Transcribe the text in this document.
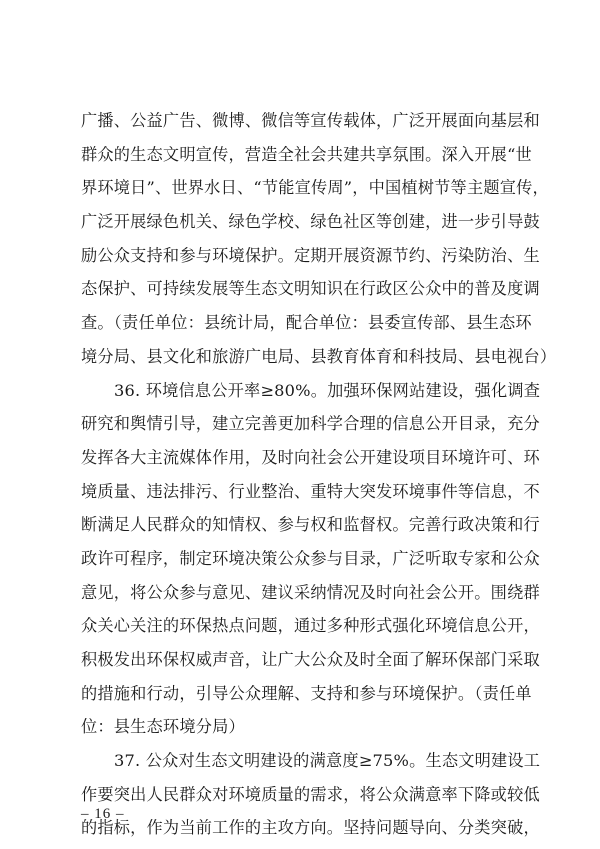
广播、公益广告、微博、微信等宣传载体，广泛开展面向基层和
群众的生态文明宣传，营造全社会共建共享氛围。深入开展“世
界环境日”、世界水日、“节能宣传周”，中国植树节等主题宣传，
广泛开展绿色机关、绿色学校、绿色社区等创建，进一步引导鼓
励公众支持和参与环境保护。定期开展资源节约、污染防治、生
态保护、可持续发展等生态文明知识在行政区公众中的普及度调
查。（责任单位：县统计局，配合单位：县委宣传部、县生态环
境分局、县文化和旅游广电局、县教育体育和科技局、县电视台）
36. 环境信息公开率≥80%。加强环保网站建设，强化调查
研究和舆情引导，建立完善更加科学合理的信息公开目录，充分
发挥各大主流媒体作用，及时向社会公开建设项目环境许可、环
境质量、违法排污、行业整治、重特大突发环境事件等信息，不
断满足人民群众的知情权、参与权和监督权。完善行政决策和行
政许可程序，制定环境决策公众参与目录，广泛听取专家和公众
意见，将公众参与意见、建议采纳情况及时向社会公开。围绕群
众关心关注的环保热点问题，通过多种形式强化环境信息公开，
积极发出环保权威声音，让广大公众及时全面了解环保部门采取
的措施和行动，引导公众理解、支持和参与环境保护。（责任单
位：县生态环境分局）
37. 公众对生态文明建设的满意度≥75%。生态文明建设工
作要突出人民群众对环境质量的需求，将公众满意率下降或较低
的指标，作为当前工作的主攻方向。坚持问题导向、分类突破，
– 16 –
